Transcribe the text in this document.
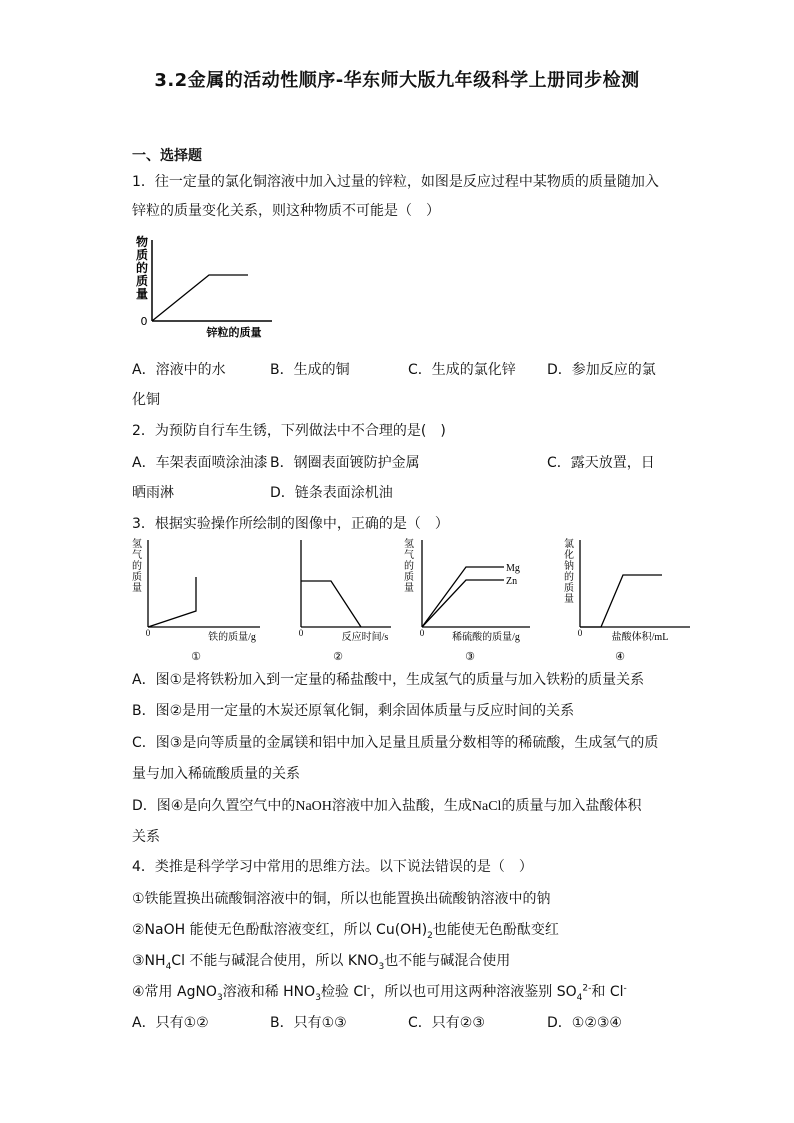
3.2金属的活动性顺序-华东师大版九年级科学上册同步检测
一、选择题
1．往一定量的氯化铜溶液中加入过量的锌粒，如图是反应过程中某物质的质量随加入
锌粒的质量变化关系，则这种物质不可能是（　）
物
质
的
质
量
0
锌粒的质量
A．溶液中的水	B．生成的铜	C．生成的氯化锌 D．参加反应的氯
化铜
2．为预防自行车生锈，下列做法中不合理的是(　)
A．车架表面喷涂油漆 B．钢圈表面镀防护金属	C．露天放置，日
晒雨淋	D．链条表面涂机油
3．根据实验操作所绘制的图像中，正确的是（　）
氢
气
的
质
量
0	铁的质量/g
①
0	反应时间/s
②
氢
气
的
质
量
Mg
Zn
0	稀硫酸的质量/g
③
氯
化
钠
的
质
量
0	盐酸体积/mL
④
A．图①是将铁粉加入到一定量的稀盐酸中，生成氢气的质量与加入铁粉的质量关系
B．图②是用一定量的木炭还原氧化铜，剩余固体质量与反应时间的关系
C．图③是向等质量的金属镁和铝中加入足量且质量分数相等的稀硫酸，生成氢气的质
量与加入稀硫酸质量的关系
D．图④是向久置空气中的NaOH溶液中加入盐酸，生成NaCl的质量与加入盐酸体积
关系
4．类推是科学学习中常用的思维方法。以下说法错误的是（　）
①铁能置换出硫酸铜溶液中的铜，所以也能置换出硫酸钠溶液中的钠
②NaOH 能使无色酚酞溶液变红，所以 $Cu(OH)_2$也能使无色酚酞变红
$③NH_4Cl$ 不能与碱混合使用，所以 $KNO_3$也不能与碱混合使用
④常用 AgNO$_3$溶液和稀 $HNO_3$检验 Cl-，所以也可用这两种溶液鉴别 $SO_4^{2-}$和 Cl-
A．只有①②	B．只有①③	C．只有②③	D．①②③④
